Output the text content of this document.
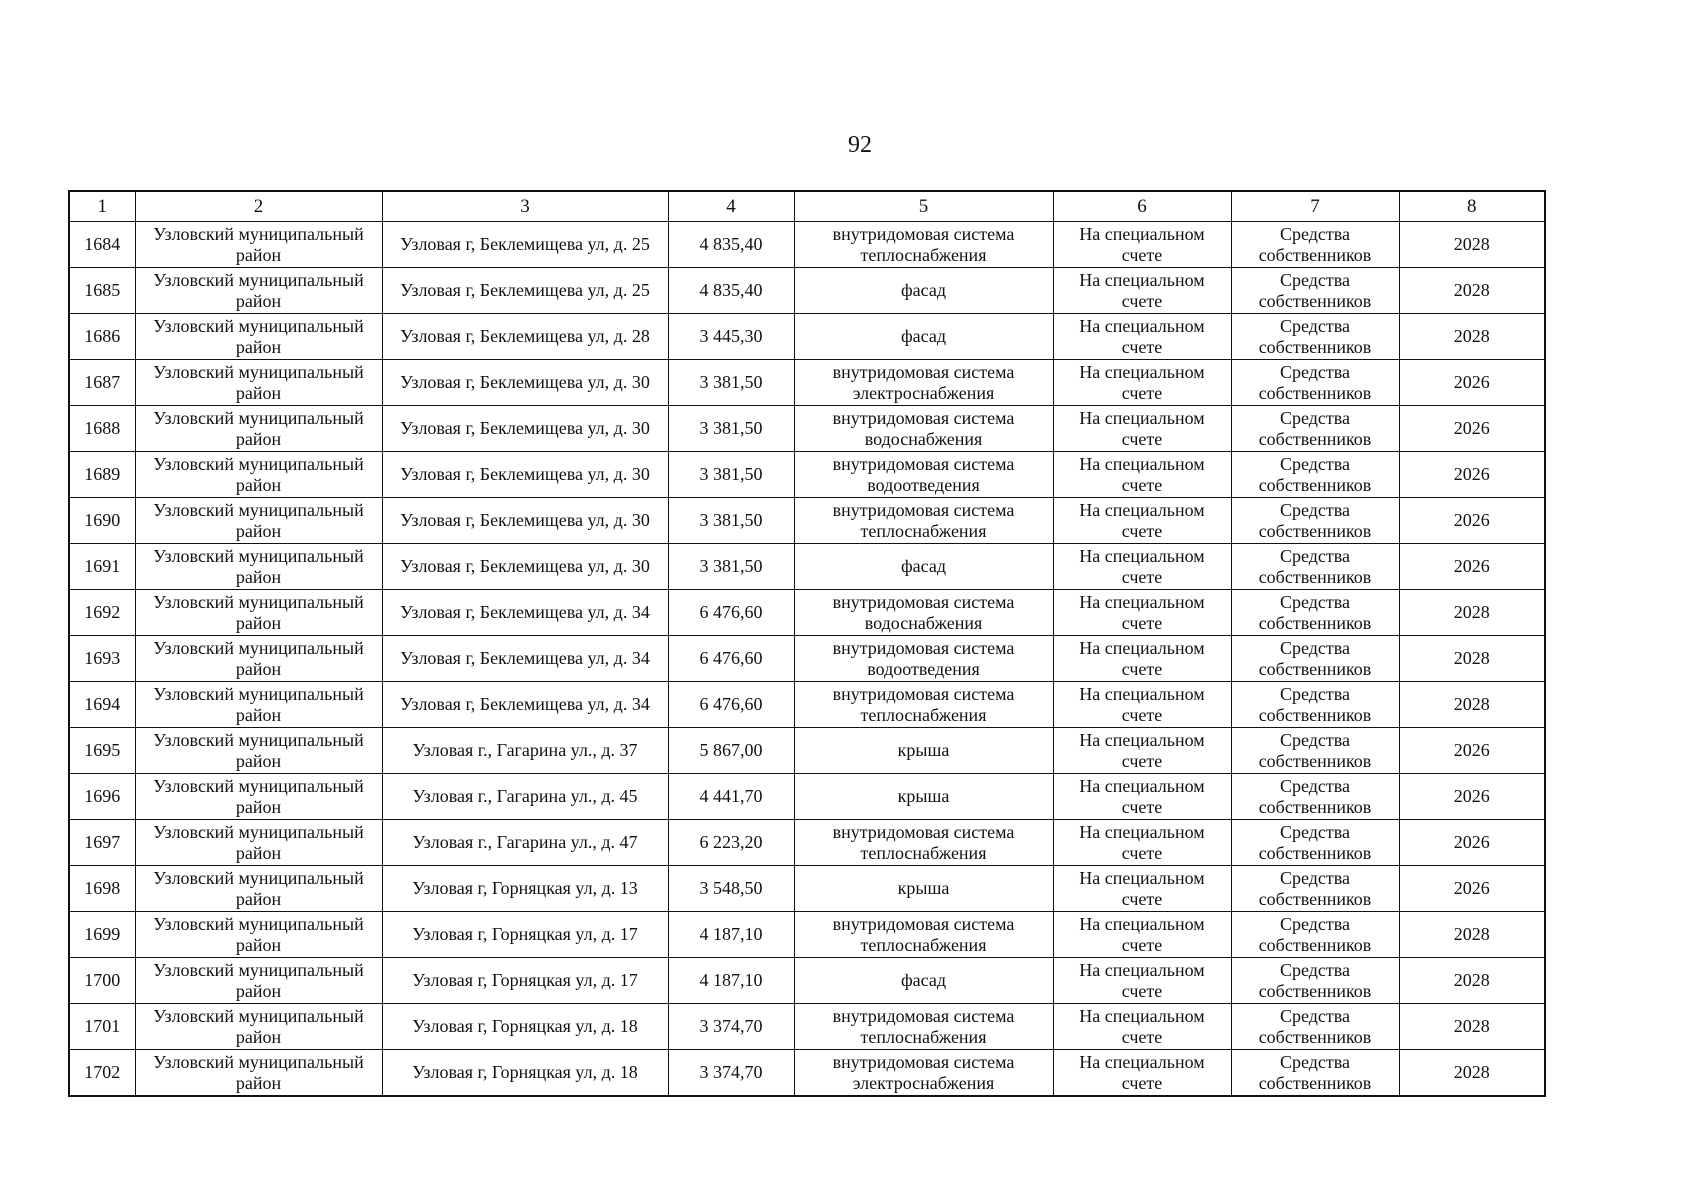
92
1	2	3	4	5	6	7	8
1684	Узловский муниципальный район	Узловая г, Беклемищева ул, д. 25	4 835,40	внутридомовая система теплоснабжения	На специальном счете	Средства собственников	2028
1685	Узловский муниципальный район	Узловая г, Беклемищева ул, д. 25	4 835,40	фасад	На специальном счете	Средства собственников	2028
1686	Узловский муниципальный район	Узловая г, Беклемищева ул, д. 28	3 445,30	фасад	На специальном счете	Средства собственников	2028
1687	Узловский муниципальный район	Узловая г, Беклемищева ул, д. 30	3 381,50	внутридомовая система электроснабжения	На специальном счете	Средства собственников	2026
1688	Узловский муниципальный район	Узловая г, Беклемищева ул, д. 30	3 381,50	внутридомовая система водоснабжения	На специальном счете	Средства собственников	2026
1689	Узловский муниципальный район	Узловая г, Беклемищева ул, д. 30	3 381,50	внутридомовая система водоотведения	На специальном счете	Средства собственников	2026
1690	Узловский муниципальный район	Узловая г, Беклемищева ул, д. 30	3 381,50	внутридомовая система теплоснабжения	На специальном счете	Средства собственников	2026
1691	Узловский муниципальный район	Узловая г, Беклемищева ул, д. 30	3 381,50	фасад	На специальном счете	Средства собственников	2026
1692	Узловский муниципальный район	Узловая г, Беклемищева ул, д. 34	6 476,60	внутридомовая система водоснабжения	На специальном счете	Средства собственников	2028
1693	Узловский муниципальный район	Узловая г, Беклемищева ул, д. 34	6 476,60	внутридомовая система водоотведения	На специальном счете	Средства собственников	2028
1694	Узловский муниципальный район	Узловая г, Беклемищева ул, д. 34	6 476,60	внутридомовая система теплоснабжения	На специальном счете	Средства собственников	2028
1695	Узловский муниципальный район	Узловая г., Гагарина ул., д. 37	5 867,00	крыша	На специальном счете	Средства собственников	2026
1696	Узловский муниципальный район	Узловая г., Гагарина ул., д. 45	4 441,70	крыша	На специальном счете	Средства собственников	2026
1697	Узловский муниципальный район	Узловая г., Гагарина ул., д. 47	6 223,20	внутридомовая система теплоснабжения	На специальном счете	Средства собственников	2026
1698	Узловский муниципальный район	Узловая г, Горняцкая ул, д. 13	3 548,50	крыша	На специальном счете	Средства собственников	2026
1699	Узловский муниципальный район	Узловая г, Горняцкая ул, д. 17	4 187,10	внутридомовая система теплоснабжения	На специальном счете	Средства собственников	2028
1700	Узловский муниципальный район	Узловая г, Горняцкая ул, д. 17	4 187,10	фасад	На специальном счете	Средства собственников	2028
1701	Узловский муниципальный район	Узловая г, Горняцкая ул, д. 18	3 374,70	внутридомовая система теплоснабжения	На специальном счете	Средства собственников	2028
1702	Узловский муниципальный район	Узловая г, Горняцкая ул, д. 18	3 374,70	внутридомовая система электроснабжения	На специальном счете	Средства собственников	2028
